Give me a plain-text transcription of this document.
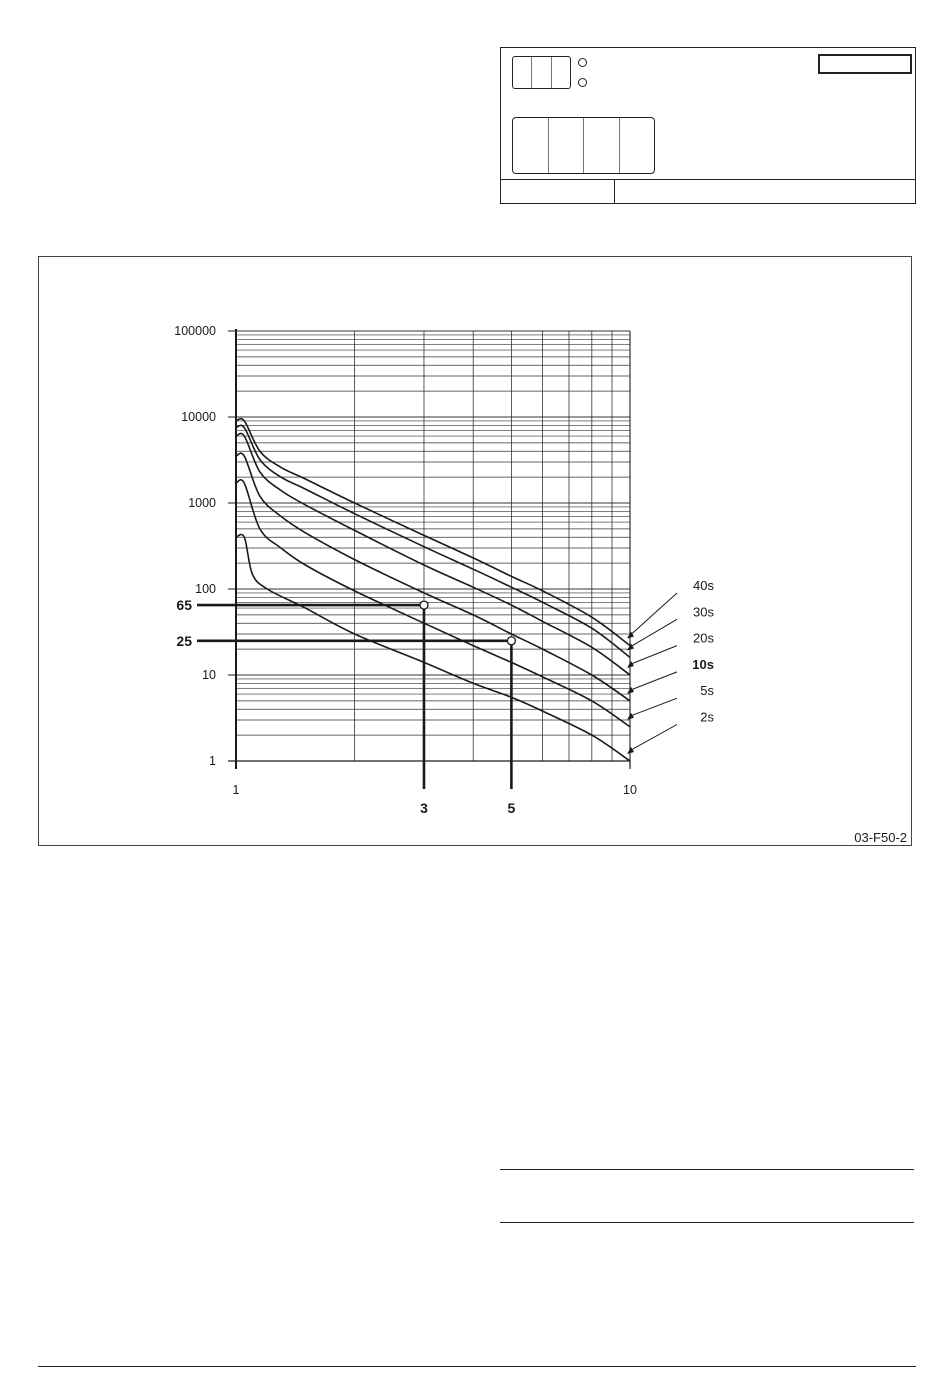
65
3
25
5
1
10
100
1000
10000
100000
1	10
2s
5s
10s
20s
30s
40s
03-F50-2
